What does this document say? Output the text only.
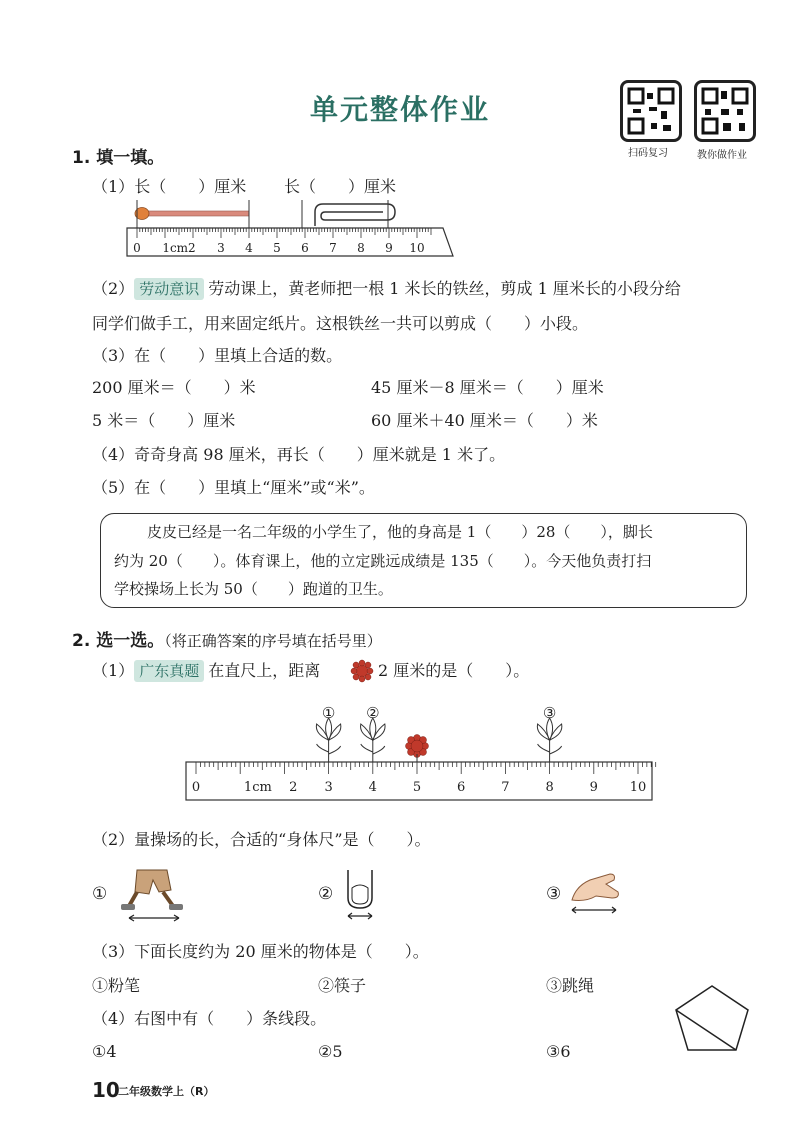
单元整体作业
扫码复习	教你做作业
1. 填一填。
（1）长（　　）厘米 长（　　）厘米
0 1cm2 3 4 5 6 7 8 9 10
（2） 劳动意识 劳动课上，黄老师把一根 1 米长的铁丝，剪成 1 厘米长的小段分给
同学们做手工，用来固定纸片。这根铁丝一共可以剪成（　　）小段。
（3）在（　　）里填上合适的数。
200 厘米＝（　　）米	45 厘米－8 厘米＝（　　）厘米
5 米＝（　　）厘米	60 厘米＋40 厘米＝（　　）米
（4）奇奇身高 98 厘米，再长（　　）厘米就是 1 米了。
（5）在（　　）里填上“厘米”或“米”。
皮皮已经是一名二年级的小学生了，他的身高是 1（　　）28（　　），脚长
约为 20（　　）。体育课上，他的立定跳远成绩是 135（　　）。今天他负责打扫
学校操场上长为 50（　　）跑道的卫生。
2. 选一选。（将正确答案的序号填在括号里）
（1） 广东真题 在直尺上，距离	2 厘米的是（　　）。
① ②	③
0	1cm 2 3	4	5	6	7	8	9 10
（2）量操场的长，合适的“身体尺”是（　　）。
①	②	③
（3）下面长度约为 20 厘米的物体是（　　）。
①粉笔	②筷子	③跳绳
（4）右图中有（　　）条线段。
①4	②5	③6
10
二年级数学上（R）
